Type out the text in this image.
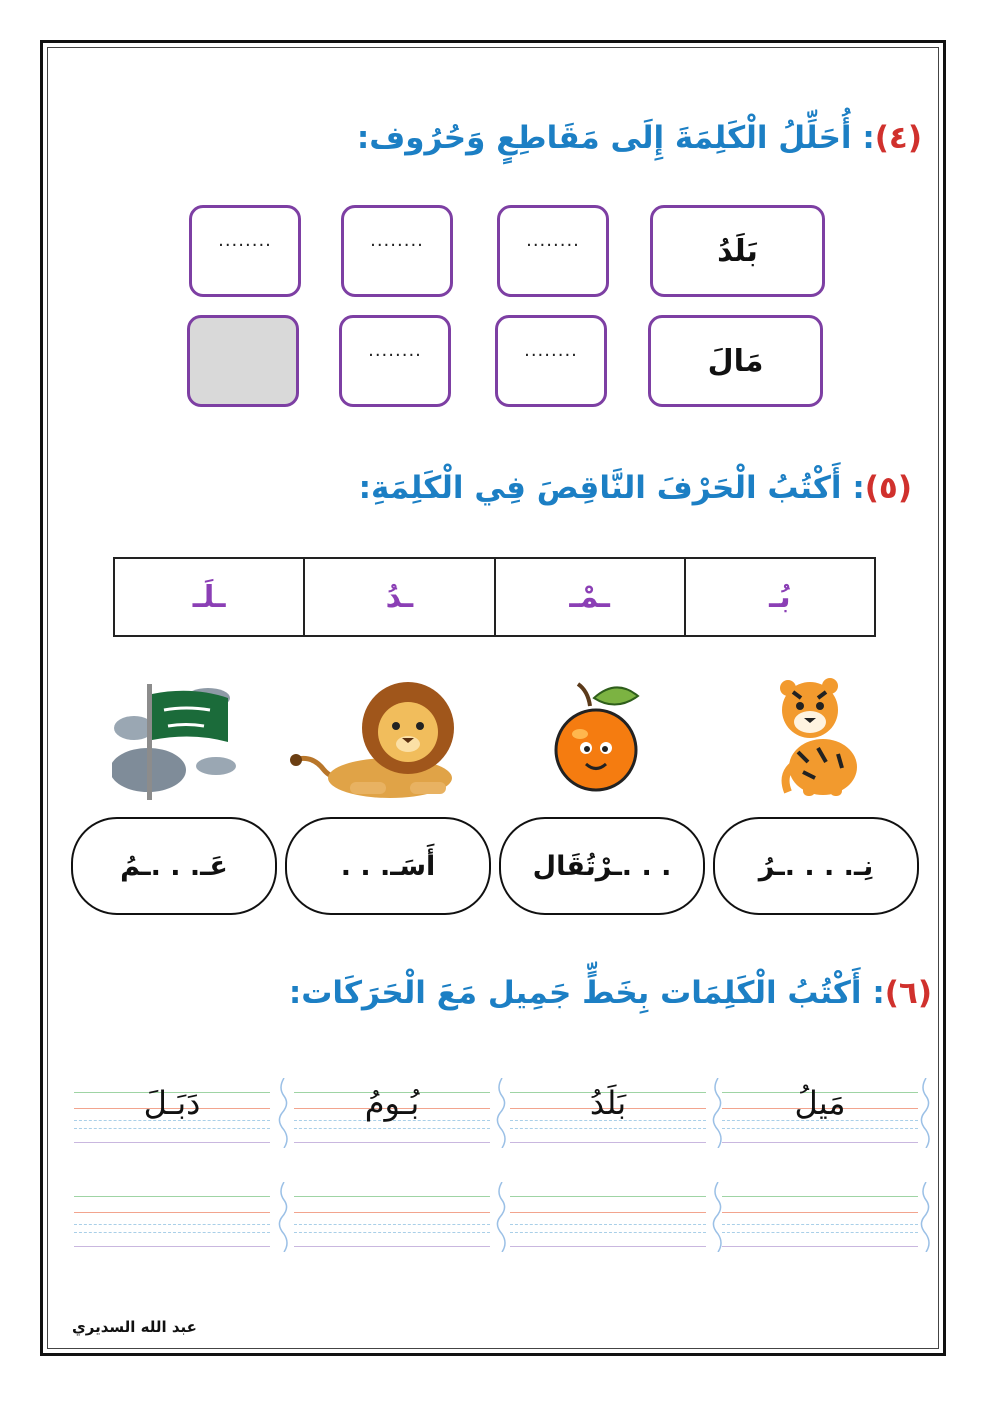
(٤): أُحَلِّلُ الْكَلِمَةَ إِلَى مَقَاطِعٍ وَحُرُوف:
بَلَدُ
........
........
........
مَالَ
........
........
(٥): أَكْتُبُ الْحَرْفَ النَّاقِصَ فِي الْكَلِمَةِ:
بُـ	ـمْـ	ـدُ	ـلَـ
نِـ. . . .ـرُ
. . .ـرْتُقَال
أَسَـ. . .
عَـ. . .ـمُ
(٦): أَكْتُبُ الْكَلِمَات بِخَطٍّ جَمِيل مَعَ الْحَرَكَات:
مَيلُ
بَلَدُ
بُـومُ
دَبَـلَ
عبد الله السديري
